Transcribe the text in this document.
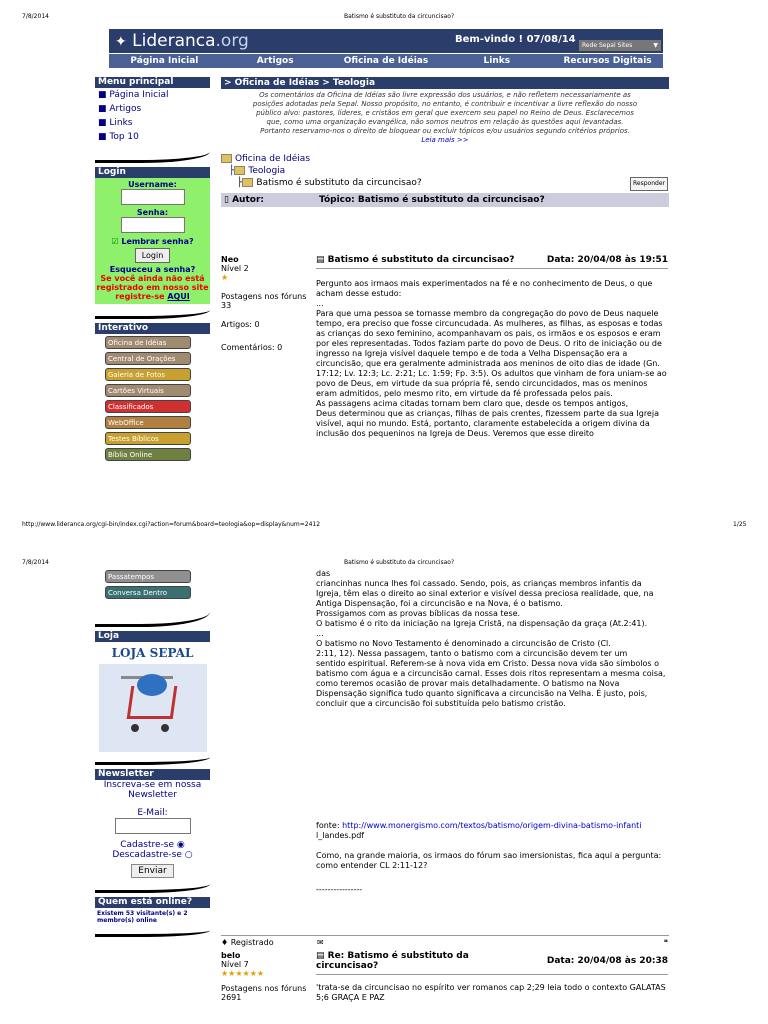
7/8/2014	Batismo é substituto da circuncisao?
http://www.lideranca.org/cgi-bin/index.cgi?action=forum&board=teologia&op=display&num=2412	1/25
7/8/2014	Batismo é substituto da circuncisao?
✦ Lideranca.org	Bem-vindo ! 07/08/14
Rede Sepal Sites	▼
Página Inicial	Artigos	Oficina de Idéias	Links	Recursos Digitais
Menu principal
■ Página Inicial
■ Artigos
■ Links
■ Top 10
Login
Username:
Senha:
☑ Lembrar senha?
Login
Esqueceu a senha?
Se você ainda não está registrado em nosso site registre-se AQUI
Interativo
Oficina de Idéias
Central de Orações
Galeria de Fotos
Cartões Virtuais
Classificados
WebOffice
Testes Bíblicos
Bíblia Online
> Oficina de Idéias > Teologia
Os comentários da Oficina de Idéias são livre expressão dos usuários, e não refletem necessariamente as posições adotadas pela Sepal. Nosso propósito, no entanto, é contribuir e incentivar a livre reflexão do nosso público alvo: pastores, líderes, e cristãos em geral que exercem seu papel no Reino de Deus. Esclarecemos que, como uma organização evangélica, não somos neutros em relação às questões aqui levantadas. Portanto reservamo-nos o direito de bloquear ou excluir tópicos e/ou usuários segundo critérios próprios.
Leia mais >>
Oficina de Idéias
├ Teologia
├ Batismo é substituto da circuncisao?	Responder
▯ Autor:	Tópico: Batismo é substituto da circuncisao?
Neo
Nível 2
★
Postagens nos fóruns 33
Artigos: 0
Comentários: 0
▤ Batismo é substituto da circuncisao?	Data: 20/04/08 às 19:51
Pergunto aos irmaos mais experimentados na fé e no conhecimento de Deus, o que acham desse estudo:
...
Para que uma pessoa se tornasse membro da congregação do povo de Deus naquele tempo, era preciso que fosse circuncudada. As mulheres, as filhas, as esposas e todas as crianças do sexo feminino, acompanhavam os pais, os irmãos e os esposos e eram por eles representadas. Todos faziam parte do povo de Deus. O rito de iniciação ou de ingresso na Igreja visível daquele tempo e de toda a Velha Dispensação era a circuncisão, que era geralmente administrada aos meninos de oito dias de idade (Gn. 17:12; Lv. 12:3; Lc. 2:21; Lc. 1:59; Fp. 3:5). Os adultos que vinham de fora uniam-se ao povo de Deus, em virtude da sua própria fé, sendo circuncidados, mas os meninos eram admitidos, pelo mesmo rito, em virtude da fé professada pelos pais.
As passagens acima citadas tornam bem claro que, desde os tempos antigos,
Deus determinou que as crianças, filhas de pais crentes, fizessem parte da sua Igreja visível, aqui no mundo. Está, portanto, claramente estabelecida a origem divina da
inclusão dos pequeninos na Igreja de Deus. Veremos que esse direito
Passatempos
Conversa Dentro
Loja
LOJA SEPAL
Newsletter
Inscreva-se em nossa Newsletter
E-Mail:
Cadastre-se ◉
Descadastre-se ○
Enviar
Quem está online?
Existem 53 visitante(s) e 2 membro(s) online
das
criancinhas nunca lhes foi cassado. Sendo, pois, as crianças membros infantis da Igreja, têm elas o direito ao sinal exterior e visível dessa preciosa realidade, que, na
Antiga Dispensação, foi a circuncisão e na Nova, é o batismo.
Prossigamos com as provas bíblicas da nossa tese.
O batismo é o rito da iniciação na Igreja Cristã, na dispensação da graça (At.2:41).
...
O batismo no Novo Testamento é denominado a circuncisão de Cristo (Cl.
2:11, 12). Nessa passagem, tanto o batismo com a circuncisão devem ter um
sentido espiritual. Referem-se à nova vida em Cristo. Dessa nova vida são símbolos o batismo com água e a circuncisão carnal. Esses dois ritos representam a mesma coisa, como teremos ocasião de provar mais detalhadamente. O batismo na Nova
Dispensação significa tudo quanto significava a circuncisão na Velha. É justo, pois, concluir que a circuncisão foi substituída pelo batismo cristão.
fonte: http://www.monergismo.com/textos/batismo/origem-divina-batismo-infanti
l_landes.pdf
Como, na grande maioria, os irmaos do fórum sao imersionistas, fica aqui a pergunta: como entender CL 2:11-12?
----------------
♦ Registrado	✉	❝
belo
Nível 7
★★★★★★
Postagens nos fóruns 2691
▤ Re: Batismo é substituto da circuncisao?	Data: 20/04/08 às 20:38
'trata-se da circuncisao no espírito ver romanos cap 2;29 leia todo o contexto GALATAS 5;6 GRAÇA E PAZ
